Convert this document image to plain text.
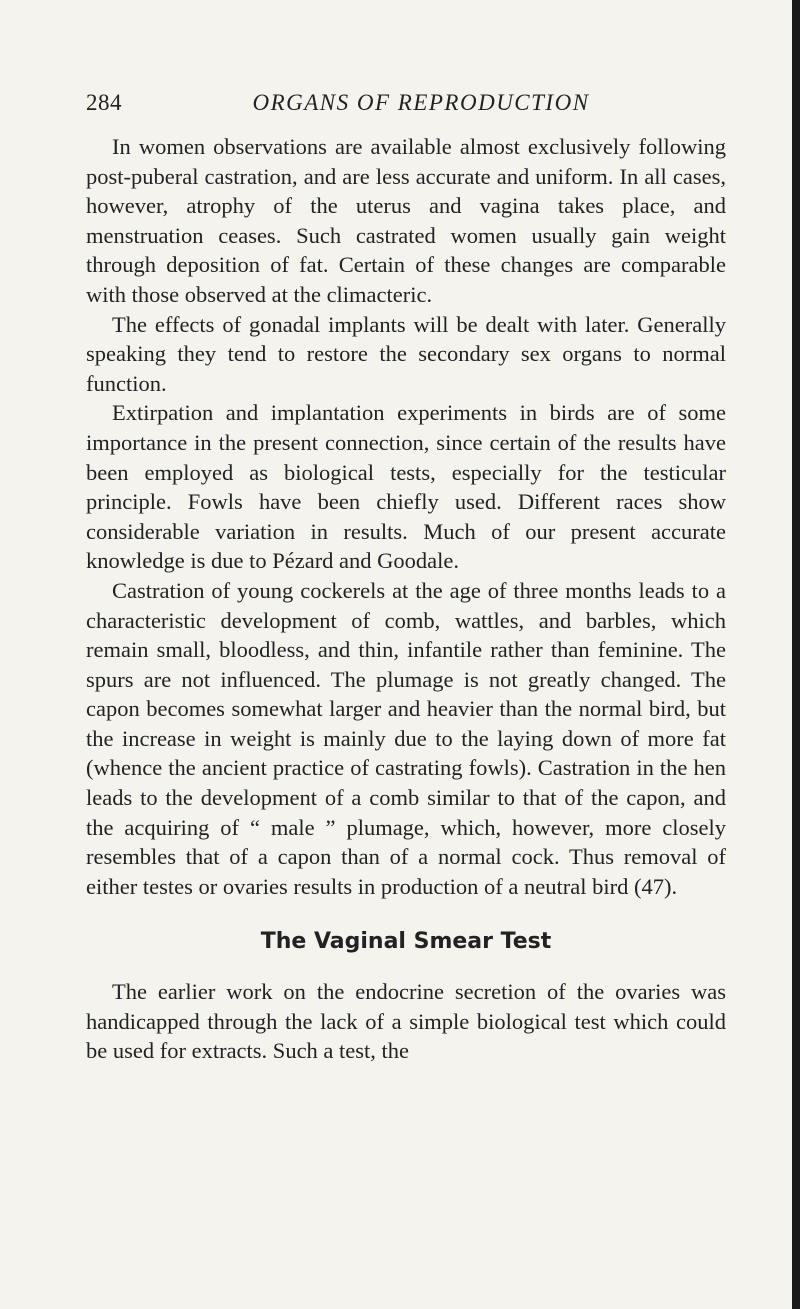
284	ORGANS OF REPRODUCTION

In women observations are available almost exclusively following post-puberal castration, and are less accurate and uniform. In all cases, however, atrophy of the uterus and vagina takes place, and menstruation ceases. Such castrated women usually gain weight through deposition of fat. Certain of these changes are comparable with those observed at the climacteric.

The effects of gonadal implants will be dealt with later. Generally speaking they tend to restore the secondary sex organs to normal function.

Extirpation and implantation experiments in birds are of some importance in the present connection, since certain of the results have been employed as biological tests, especially for the testicular principle. Fowls have been chiefly used. Different races show considerable variation in results. Much of our present accurate knowledge is due to Pézard and Goodale.

Castration of young cockerels at the age of three months leads to a characteristic development of comb, wattles, and barbles, which remain small, bloodless, and thin, infantile rather than feminine. The spurs are not influenced. The plumage is not greatly changed. The capon becomes somewhat larger and heavier than the normal bird, but the increase in weight is mainly due to the laying down of more fat (whence the ancient practice of castrating fowls). Castration in the hen leads to the development of a comb similar to that of the capon, and the acquiring of “ male ” plumage, which, however, more closely resembles that of a capon than of a normal cock. Thus removal of either testes or ovaries results in production of a neutral bird (47).

The Vaginal Smear Test

The earlier work on the endocrine secretion of the ovaries was handicapped through the lack of a simple biological test which could be used for extracts. Such a test, the
